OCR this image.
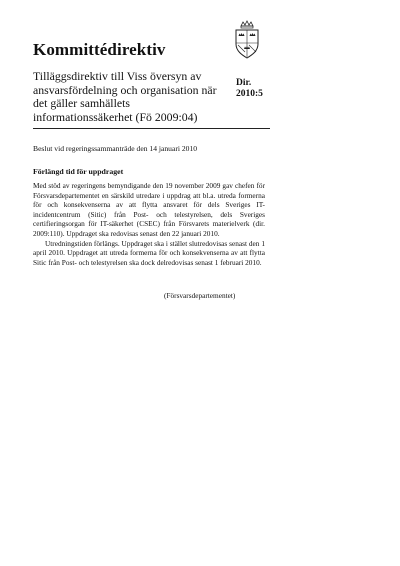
Kommittédirektiv
Tilläggsdirektiv till Viss översyn av ansvarsfördelning och organisation när det gäller samhällets informationssäkerhet (Fö 2009:04)
Dir.
2010:5
Beslut vid regeringssammanträde den 14 januari 2010
Förlängd tid för uppdraget

Med stöd av regeringens bemyndigande den 19 november 2009 gav chefen för Försvarsdepartementet en särskild utredare i uppdrag att bl.a. utreda formerna för och konsekvenserna av att flytta ansvaret för dels Sveriges IT-incidentcentrum (Sitic) från Post- och telestyrelsen, dels Sveriges certifieringsorgan för IT-säkerhet (CSEC) från Försvarets materielverk (dir. 2009:110). Uppdraget ska redovisas senast den 22 januari 2010.

Utredningstiden förlängs. Uppdraget ska i stället slutredovisas senast den 1 april 2010. Uppdraget att utreda formerna för och konsekvenserna av att flytta Sitic från Post- och telestyrelsen ska dock delredovisas senast 1 februari 2010.

(Försvarsdepartementet)
